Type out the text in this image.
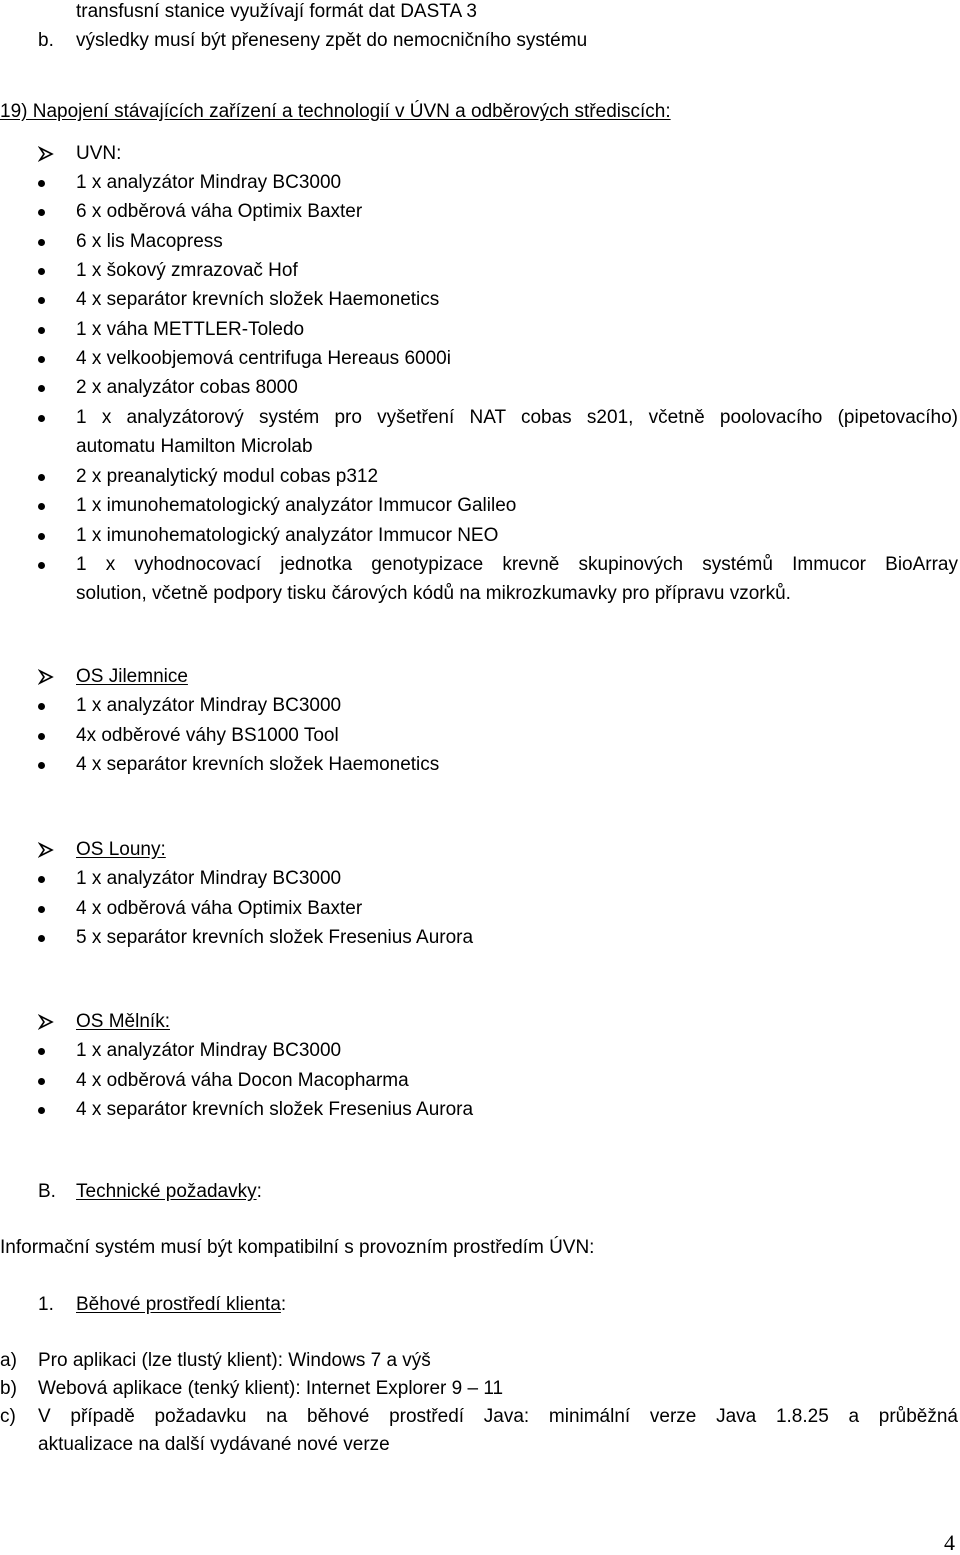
transfusní stanice využívají formát dat DASTA 3
b. výsledky musí být přeneseny zpět do nemocničního systému
19) Napojení stávajících zařízení a technologií v ÚVN a odběrových střediscích:
UVN:
1 x analyzátor Mindray BC3000
6 x odběrová váha Optimix Baxter
6 x lis Macopress
1 x šokový zmrazovač Hof
4 x separátor krevních složek Haemonetics
1 x váha METTLER-Toledo
4 x velkoobjemová centrifuga Hereaus 6000i
2 x analyzátor cobas 8000
1 x analyzátorový systém pro vyšetření NAT cobas s201, včetně poolovacího (pipetovacího)
automatu Hamilton Microlab
2 x preanalytický modul cobas p312
1 x imunohematologický analyzátor Immucor Galileo
1 x imunohematologický analyzátor Immucor NEO
1 x vyhodnocovací jednotka genotypizace krevně skupinových systémů Immucor BioArray
solution, včetně podpory tisku čárových kódů na mikrozkumavky pro přípravu vzorků.
OS Jilemnice
1 x analyzátor Mindray BC3000
4x odběrové váhy BS1000 Tool
4 x separátor krevních složek Haemonetics
OS Louny:
1 x analyzátor Mindray BC3000
4 x odběrová váha Optimix Baxter
5 x separátor krevních složek Fresenius Aurora
OS Mělník:
1 x analyzátor Mindray BC3000
4 x odběrová váha Docon Macopharma
4 x separátor krevních složek Fresenius Aurora
B. Technické požadavky:
Informační systém musí být kompatibilní s provozním prostředím ÚVN:
1. Běhové prostředí klienta:
a) Pro aplikaci (lze tlustý klient): Windows 7 a výš
b) Webová aplikace (tenký klient): Internet Explorer 9 – 11
c) V případě požadavku na běhové prostředí Java: minimální verze Java 1.8.25 a průběžná
aktualizace na další vydávané nové verze
4
